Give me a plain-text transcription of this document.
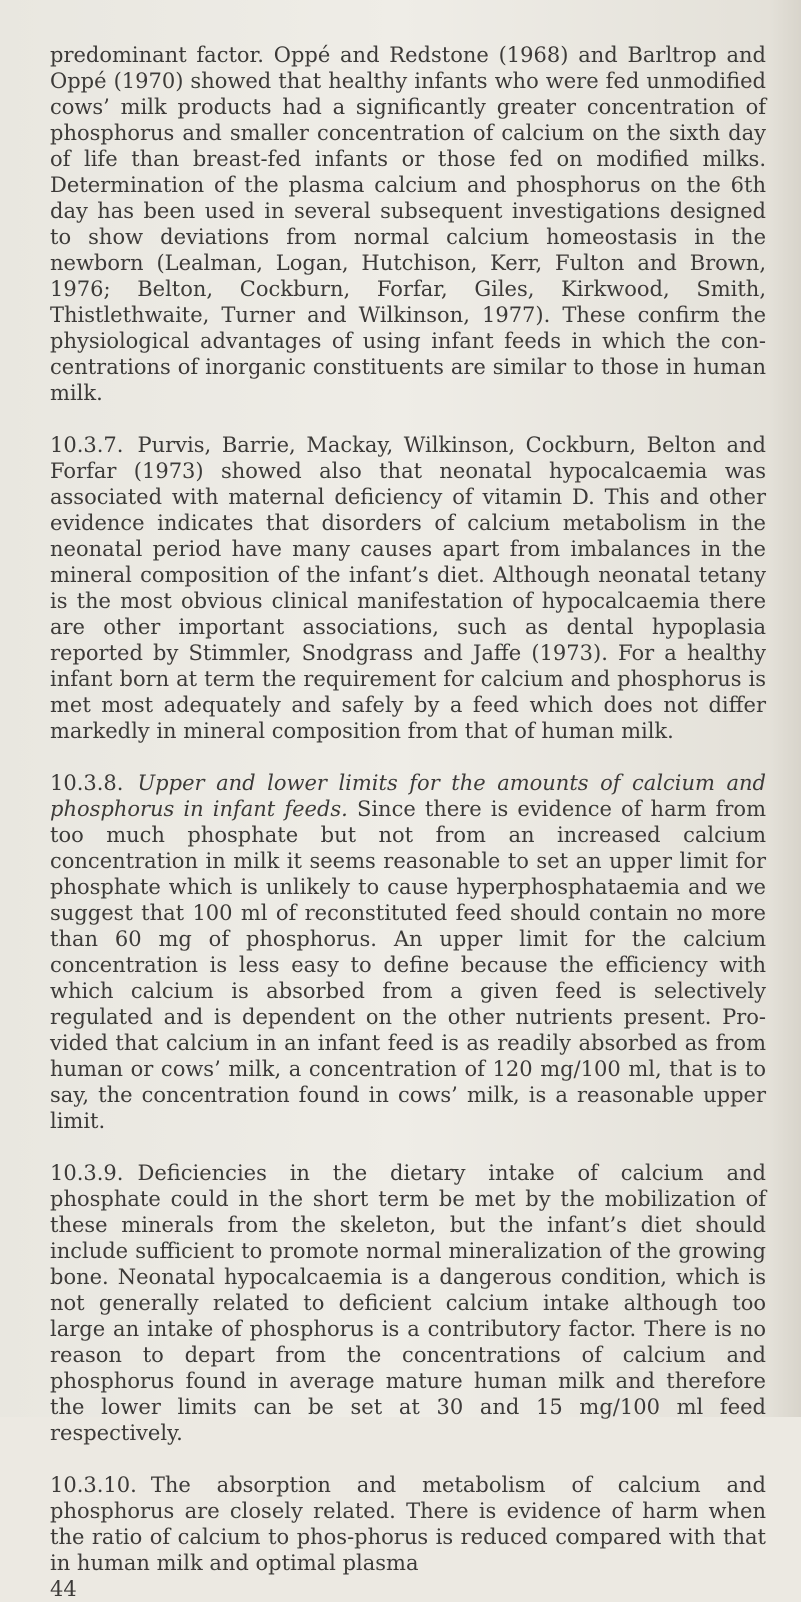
predominant factor. Oppé and Redstone (1968) and Barltrop and Oppé (1970) showed that healthy infants who were fed unmodified cows’ milk products had a significantly greater concentration of phosphorus and smaller concentration of calcium on the sixth day of life than breast-fed infants or those fed on modified milks. Determination of the plasma calcium and phosphorus on the 6th day has been used in several subsequent investigations designed to show deviations from normal calcium homeostasis in the newborn (Lealman, Logan, Hutchison, Kerr, Fulton and Brown, 1976; Belton, Cockburn, Forfar, Giles, Kirkwood, Smith, Thistlethwaite, Turner and Wilkinson, 1977). These confirm the physiological advantages of using infant feeds in which the con-centrations of inorganic constituents are similar to those in human milk.

10.3.7. Purvis, Barrie, Mackay, Wilkinson, Cockburn, Belton and Forfar (1973) showed also that neonatal hypocalcaemia was associated with maternal deficiency of vitamin D. This and other evidence indicates that disorders of calcium metabolism in the neonatal period have many causes apart from imbalances in the mineral composition of the infant’s diet. Although neonatal tetany is the most obvious clinical manifestation of hypocalcaemia there are other important associations, such as dental hypoplasia reported by Stimmler, Snodgrass and Jaffe (1973). For a healthy infant born at term the requirement for calcium and phosphorus is met most adequately and safely by a feed which does not differ markedly in mineral composition from that of human milk.

10.3.8. Upper and lower limits for the amounts of calcium and phosphorus in infant feeds. Since there is evidence of harm from too much phosphate but not from an increased calcium concentration in milk it seems reasonable to set an upper limit for phosphate which is unlikely to cause hyperphosphataemia and we suggest that 100 ml of reconstituted feed should contain no more than 60 mg of phosphorus. An upper limit for the calcium concentration is less easy to define because the efficiency with which calcium is absorbed from a given feed is selectively regulated and is dependent on the other nutrients present. Pro-vided that calcium in an infant feed is as readily absorbed as from human or cows’ milk, a concentration of 120 mg/100 ml, that is to say, the concentration found in cows’ milk, is a reasonable upper limit.

10.3.9. Deficiencies in the dietary intake of calcium and phosphate could in the short term be met by the mobilization of these minerals from the skeleton, but the infant’s diet should include sufficient to promote normal mineralization of the growing bone. Neonatal hypocalcaemia is a dangerous condition, which is not generally related to deficient calcium intake although too large an intake of phosphorus is a contributory factor. There is no reason to depart from the concentrations of calcium and phosphorus found in average mature human milk and therefore the lower limits can be set at 30 and 15 mg/100 ml feed respectively.

10.3.10. The absorption and metabolism of calcium and phosphorus are closely related. There is evidence of harm when the ratio of calcium to phos-phorus is reduced compared with that in human milk and optimal plasma

44
